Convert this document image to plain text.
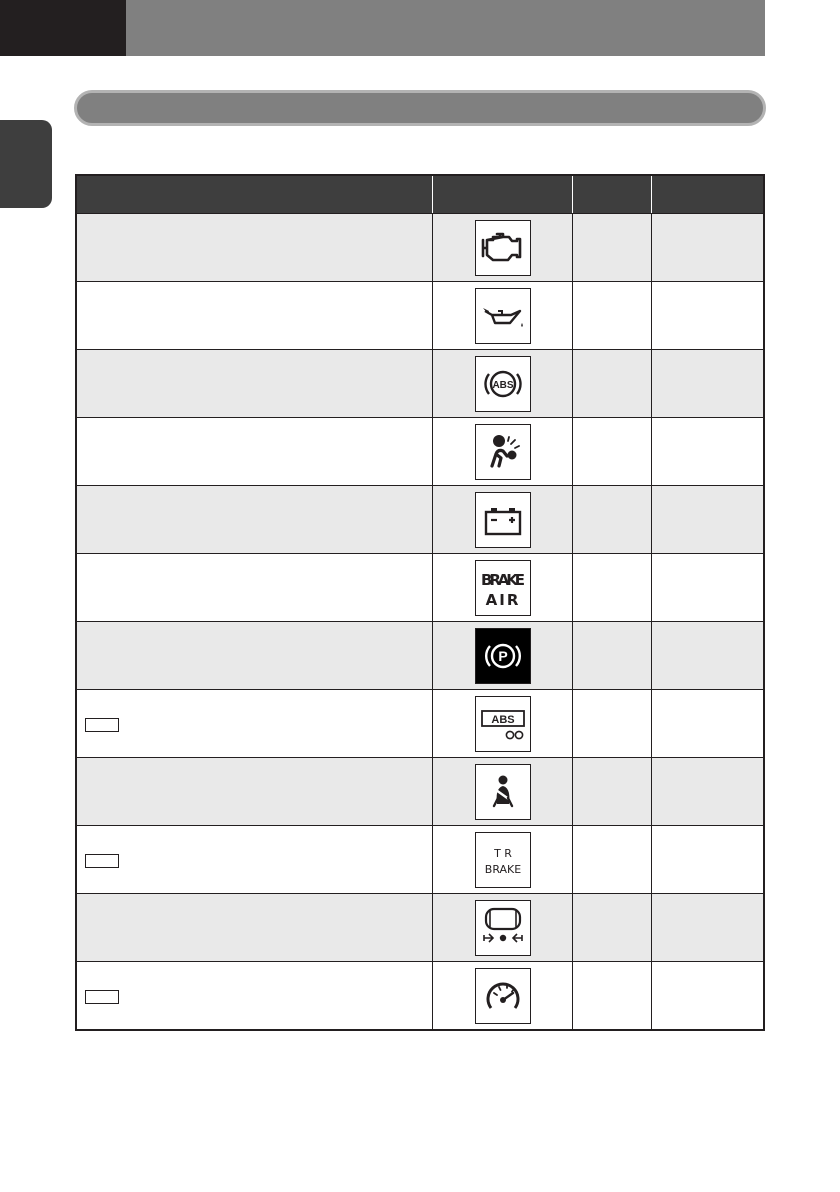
ABS
BRAKE
AIR
P
ABS
T R
BRAKE
